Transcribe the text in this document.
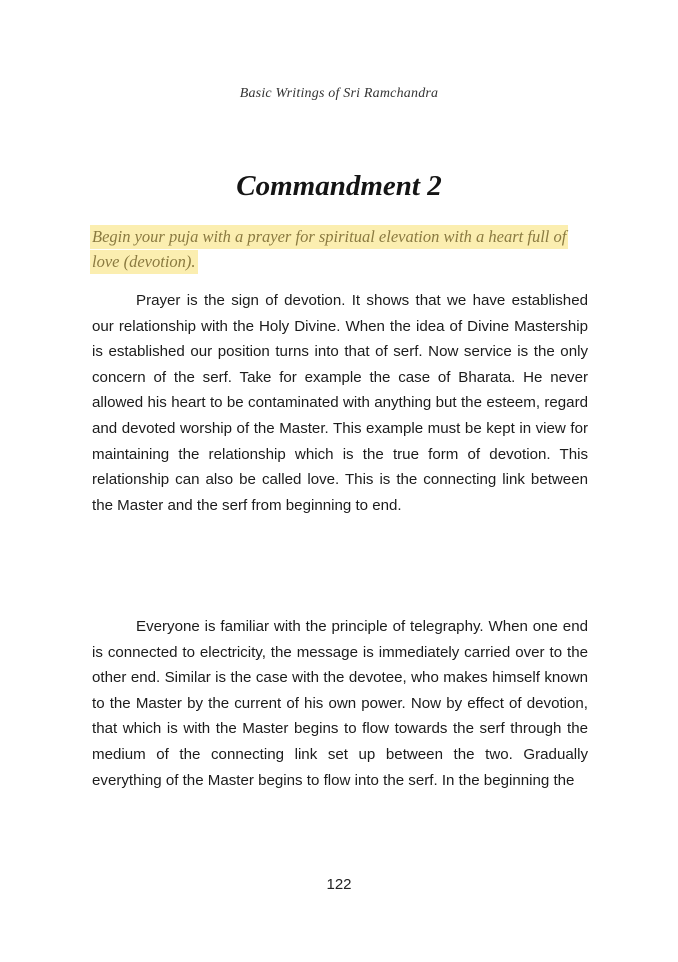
Basic Writings of Sri Ramchandra
Commandment 2
Begin your puja with a prayer for spiritual elevation with a heart full of love (devotion).

Prayer is the sign of devotion. It shows that we have established our relationship with the Holy Divine. When the idea of Divine Mastership is established our position turns into that of serf. Now service is the only concern of the serf. Take for example the case of Bharata. He never allowed his heart to be contaminated with anything but the esteem, regard and devoted worship of the Master. This example must be kept in view for maintaining the relationship which is the true form of devotion. This relationship can also be called love. This is the connecting link between the Master and the serf from beginning to end.

Everyone is familiar with the principle of telegraphy. When one end is connected to electricity, the message is immediately carried over to the other end. Similar is the case with the devotee, who makes himself known to the Master by the current of his own power. Now by effect of devotion, that which is with the Master begins to flow towards the serf through the medium of the connecting link set up between the two. Gradually everything of the Master begins to flow into the serf. In the beginning the

122
